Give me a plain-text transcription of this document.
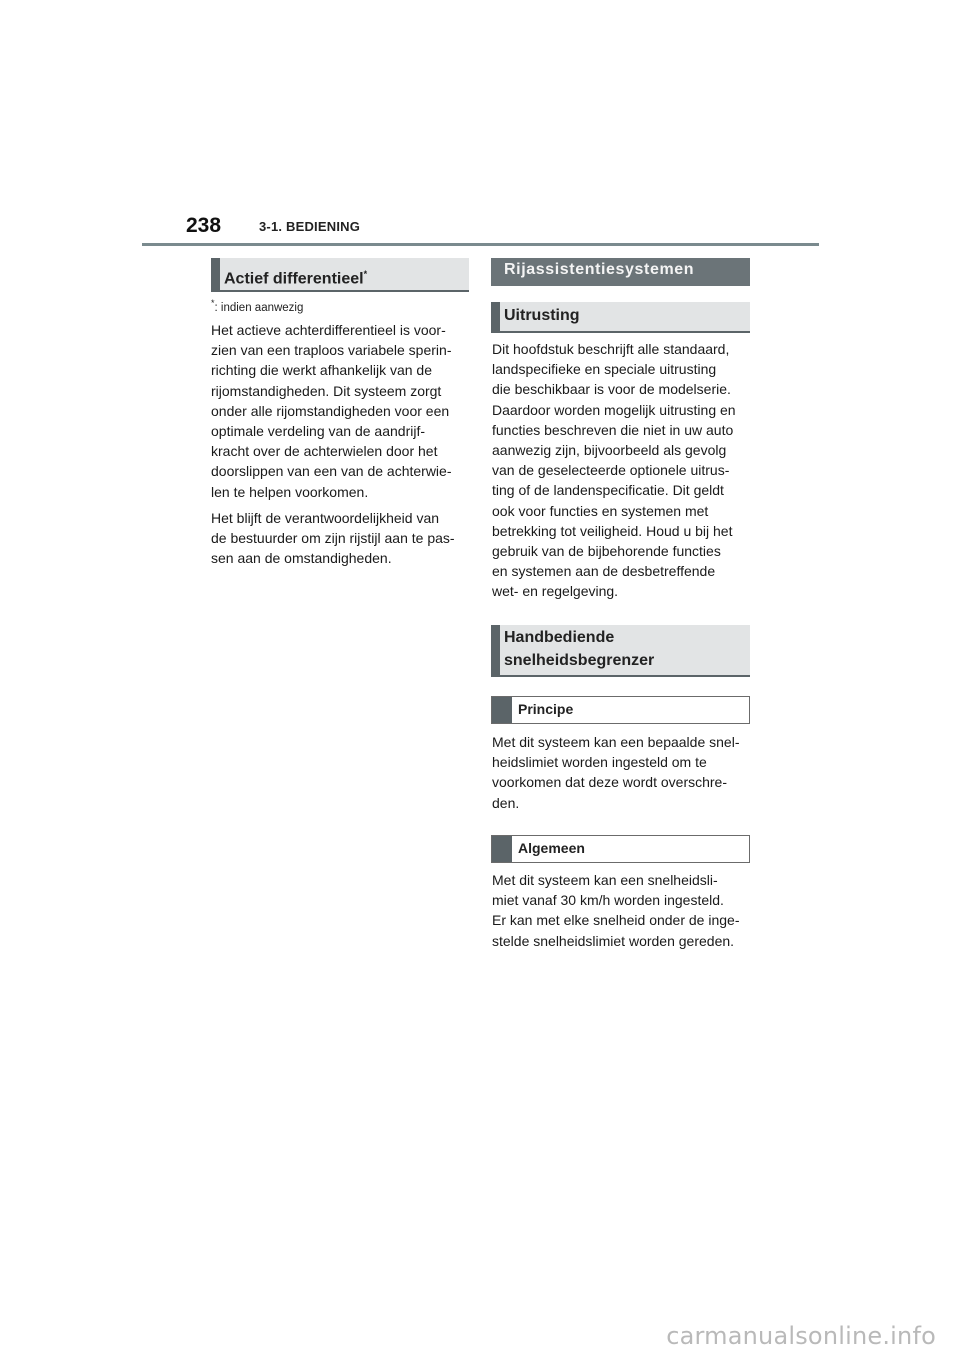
238	3-1. BEDIENING
Actief differentieel*
*: indien aanwezig
Het actieve achterdifferentieel is voor-
zien van een traploos variabele sperin-
richting die werkt afhankelijk van de
rijomstandigheden. Dit systeem zorgt
onder alle rijomstandigheden voor een
optimale verdeling van de aandrijf-
kracht over de achterwielen door het
doorslippen van een van de achterwie-
len te helpen voorkomen.
Het blijft de verantwoordelijkheid van
de bestuurder om zijn rijstijl aan te pas-
sen aan de omstandigheden.
Rijassistentiesystemen
Uitrusting
Dit hoofdstuk beschrijft alle standaard,
landspecifieke en speciale uitrusting
die beschikbaar is voor de modelserie.
Daardoor worden mogelijk uitrusting en
functies beschreven die niet in uw auto
aanwezig zijn, bijvoorbeeld als gevolg
van de geselecteerde optionele uitrus-
ting of de landenspecificatie. Dit geldt
ook voor functies en systemen met
betrekking tot veiligheid. Houd u bij het
gebruik van de bijbehorende functies
en systemen aan de desbetreffende
wet- en regelgeving.
Handbediende
snelheidsbegrenzer
Principe
Met dit systeem kan een bepaalde snel-
heidslimiet worden ingesteld om te
voorkomen dat deze wordt overschre-
den.
Algemeen
Met dit systeem kan een snelheidsli-
miet vanaf 30 km/h worden ingesteld.
Er kan met elke snelheid onder de inge-
stelde snelheidslimiet worden gereden.
carmanualsonline.info
